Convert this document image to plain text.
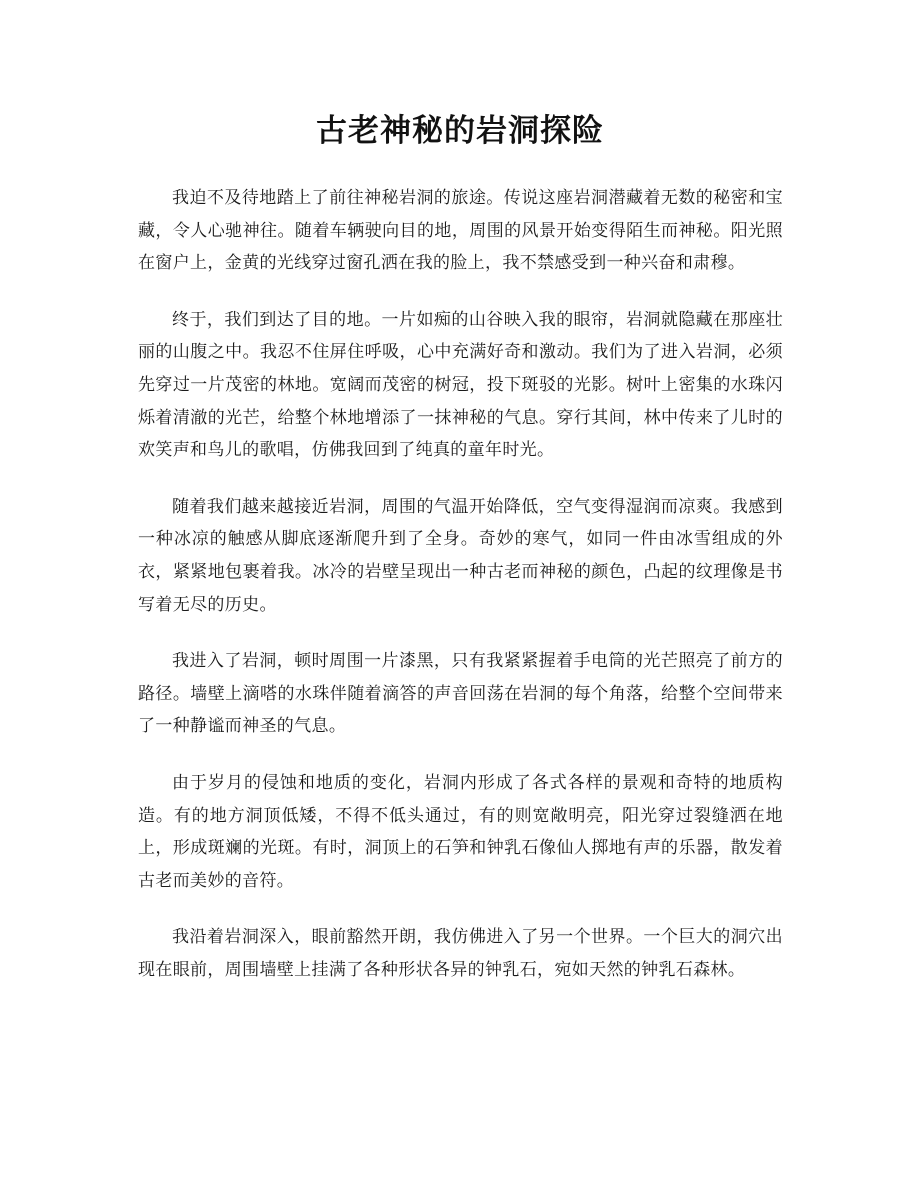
古老神秘的岩洞探险

我迫不及待地踏上了前往神秘岩洞的旅途。传说这座岩洞潜藏着无数的秘密和宝藏，令人心驰神往。随着车辆驶向目的地，周围的风景开始变得陌生而神秘。阳光照在窗户上，金黄的光线穿过窗孔洒在我的脸上，我不禁感受到一种兴奋和肃穆。

终于，我们到达了目的地。一片如痴的山谷映入我的眼帘，岩洞就隐藏在那座壮丽的山腹之中。我忍不住屏住呼吸，心中充满好奇和激动。我们为了进入岩洞，必须先穿过一片茂密的林地。宽阔而茂密的树冠，投下斑驳的光影。树叶上密集的水珠闪烁着清澈的光芒，给整个林地增添了一抹神秘的气息。穿行其间，林中传来了儿时的欢笑声和鸟儿的歌唱，仿佛我回到了纯真的童年时光。

随着我们越来越接近岩洞，周围的气温开始降低，空气变得湿润而凉爽。我感到一种冰凉的触感从脚底逐渐爬升到了全身。奇妙的寒气，如同一件由冰雪组成的外衣，紧紧地包裹着我。冰冷的岩壁呈现出一种古老而神秘的颜色，凸起的纹理像是书写着无尽的历史。

我进入了岩洞，顿时周围一片漆黑，只有我紧紧握着手电筒的光芒照亮了前方的路径。墙壁上滴嗒的水珠伴随着滴答的声音回荡在岩洞的每个角落，给整个空间带来了一种静谧而神圣的气息。

由于岁月的侵蚀和地质的变化，岩洞内形成了各式各样的景观和奇特的地质构造。有的地方洞顶低矮，不得不低头通过，有的则宽敞明亮，阳光穿过裂缝洒在地上，形成斑斓的光斑。有时，洞顶上的石笋和钟乳石像仙人掷地有声的乐器，散发着古老而美妙的音符。

我沿着岩洞深入，眼前豁然开朗，我仿佛进入了另一个世界。一个巨大的洞穴出现在眼前，周围墙壁上挂满了各种形状各异的钟乳石，宛如天然的钟乳石森林。
